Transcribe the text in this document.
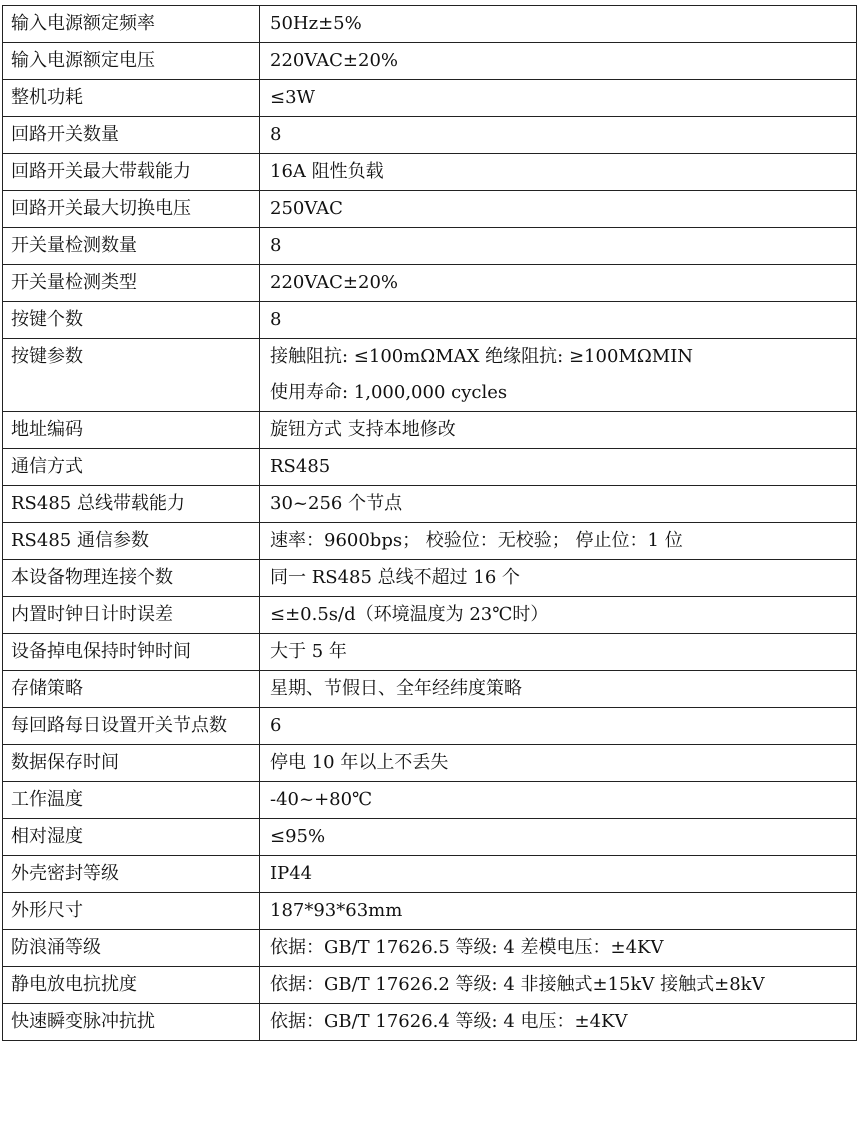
输入电源额定频率	50Hz±5%

输入电源额定电压	220VAC±20%

整机功耗	≤3W

回路开关数量	8

回路开关最大带载能力	16A 阻性负载

回路开关最大切换电压	250VAC

开关量检测数量	8

开关量检测类型	220VAC±20%

按键个数	8

按键参数	接触阻抗: ≤100mΩMAX 绝缘阻抗: ≥100MΩMIN
使用寿命: 1,000,000 cycles

地址编码	旋钮方式 支持本地修改

通信方式	RS485

RS485 总线带载能力	30~256 个节点

RS485 通信参数	速率：9600bps； 校验位：无校验； 停止位：1 位

本设备物理连接个数	同一 RS485 总线不超过 16 个

内置时钟日计时误差	≤±0.5s/d（环境温度为 23℃时）

设备掉电保持时钟时间	大于 5 年

存储策略	星期、节假日、全年经纬度策略

每回路每日设置开关节点数	6

数据保存时间	停电 10 年以上不丢失

工作温度	-40~+80℃

相对湿度	≤95%

外壳密封等级	IP44

外形尺寸	187*93*63mm

防浪涌等级	依据：GB/T 17626.5 等级: 4 差模电压：±4KV

静电放电抗扰度	依据：GB/T 17626.2 等级: 4 非接触式±15kV 接触式±8kV

快速瞬变脉冲抗扰	依据：GB/T 17626.4 等级: 4 电压：±4KV
